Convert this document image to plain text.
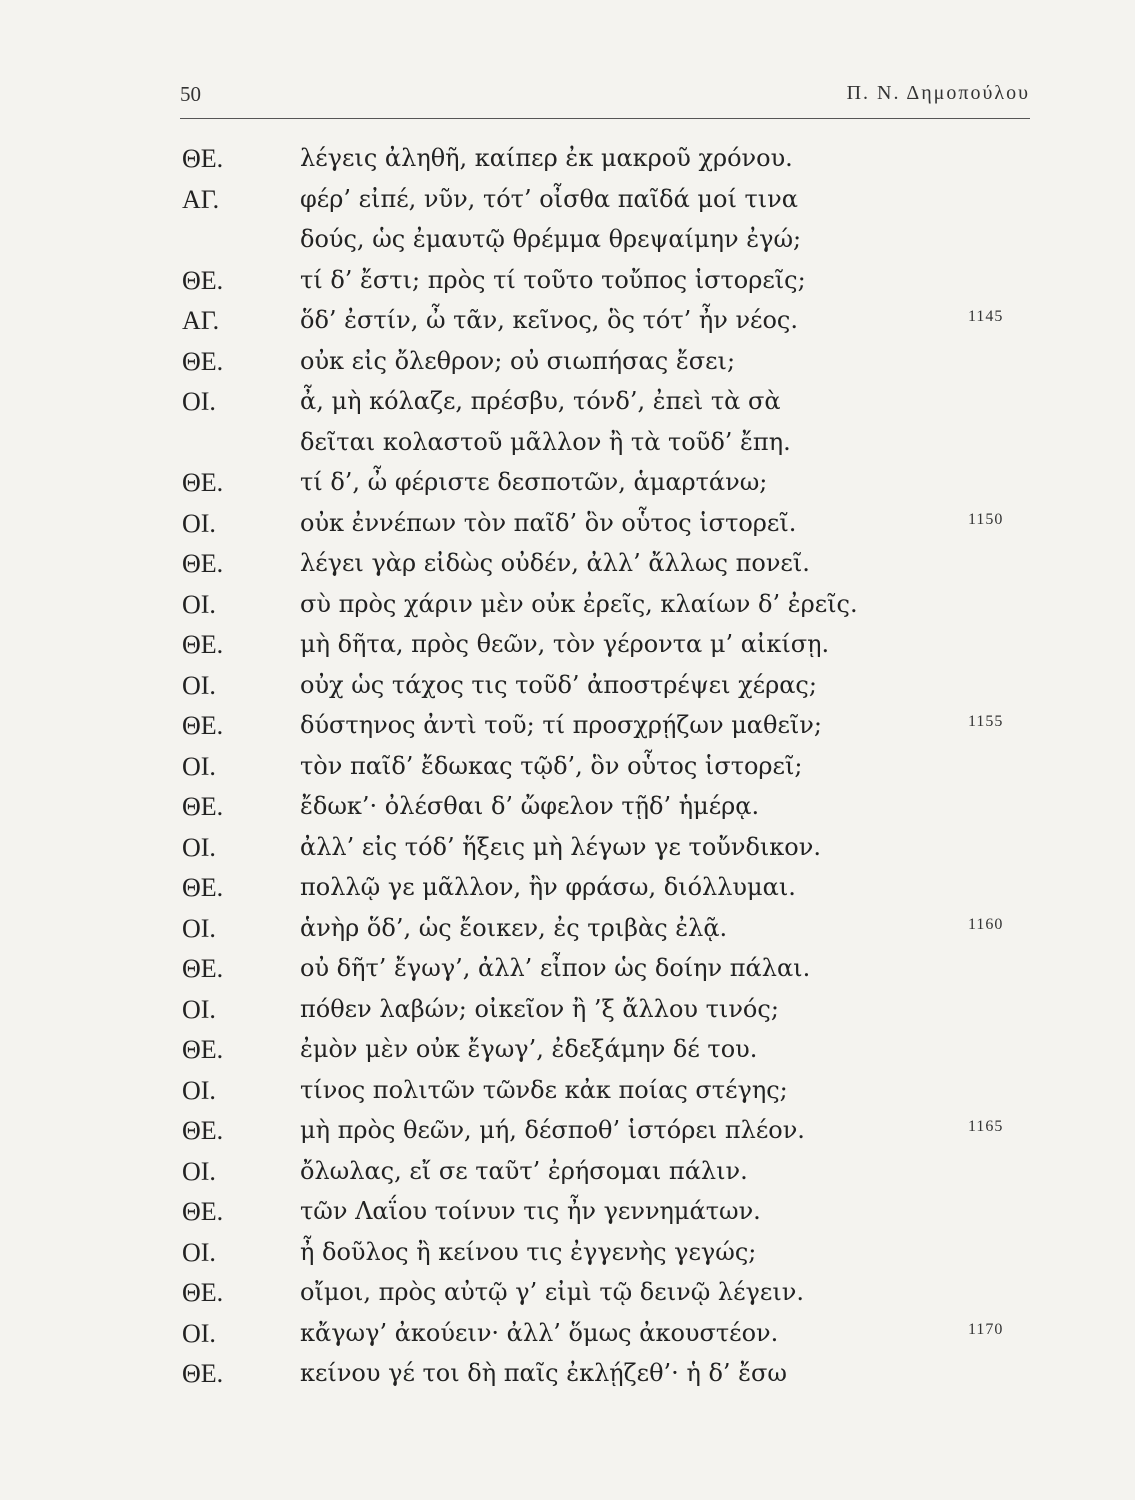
50	Π. Ν. Δημοπούλου
ΘΕ.	λέγεις ἀληθῆ, καίπερ ἐκ μακροῦ χρόνου.
ΑΓ.	φέρ’ εἰπέ, νῦν, τότ’ οἶσθα παῖδά μοί τινα
δούς, ὡς ἐμαυτῷ θρέμμα θρεψαίμην ἐγώ;
ΘΕ.	τί δ’ ἔστι; πρὸς τί τοῦτο τοὔπος ἱστορεῖς;
ΑΓ.	ὅδ’ ἐστίν, ὦ τᾶν, κεῖνος, ὃς τότ’ ἦν νέος.	1145
ΘΕ.	οὐκ εἰς ὄλεθρον; οὐ σιωπήσας ἔσει;
ΟΙ.	ἆ, μὴ κόλαζε, πρέσβυ, τόνδ’, ἐπεὶ τὰ σὰ
δεῖται κολαστοῦ μᾶλλον ἢ τὰ τοῦδ’ ἔπη.
ΘΕ.	τί δ’, ὦ φέριστε δεσποτῶν, ἁμαρτάνω;
ΟΙ.	οὐκ ἐννέπων τὸν παῖδ’ ὃν οὗτος ἱστορεῖ.	1150
ΘΕ.	λέγει γὰρ εἰδὼς οὐδέν, ἀλλ’ ἄλλως πονεῖ.
ΟΙ.	σὺ πρὸς χάριν μὲν οὐκ ἐρεῖς, κλαίων δ’ ἐρεῖς.
ΘΕ.	μὴ δῆτα, πρὸς θεῶν, τὸν γέροντα μ’ αἰκίσῃ.
ΟΙ.	οὐχ ὡς τάχος τις τοῦδ’ ἀποστρέψει χέρας;
ΘΕ.	δύστηνος ἀντὶ τοῦ; τί προσχρῄζων μαθεῖν;	1155
ΟΙ.	τὸν παῖδ’ ἔδωκας τῷδ’, ὃν οὗτος ἱστορεῖ;
ΘΕ.	ἔδωκ’· ὀλέσθαι δ’ ὤφελον τῇδ’ ἡμέρᾳ.
ΟΙ.	ἀλλ’ εἰς τόδ’ ἥξεις μὴ λέγων γε τοὔνδικον.
ΘΕ.	πολλῷ γε μᾶλλον, ἢν φράσω, διόλλυμαι.
ΟΙ.	ἁνὴρ ὅδ’, ὡς ἔοικεν, ἐς τριβὰς ἐλᾷ.	1160
ΘΕ.	οὐ δῆτ’ ἔγωγ’, ἀλλ’ εἶπον ὡς δοίην πάλαι.
ΟΙ.	πόθεν λαβών; οἰκεῖον ἢ ’ξ ἄλλου τινός;
ΘΕ.	ἐμὸν μὲν οὐκ ἔγωγ’, ἐδεξάμην δέ του.
ΟΙ.	τίνος πολιτῶν τῶνδε κἀκ ποίας στέγης;
ΘΕ.	μὴ πρὸς θεῶν, μή, δέσποθ’ ἱστόρει πλέον.	1165
ΟΙ.	ὄλωλας, εἴ σε ταῦτ’ ἐρήσομαι πάλιν.
ΘΕ.	τῶν Λαΐου τοίνυν τις ἦν γεννημάτων.
ΟΙ.	ἦ δοῦλος ἢ κείνου τις ἐγγενὴς γεγώς;
ΘΕ.	οἴμοι, πρὸς αὐτῷ γ’ εἰμὶ τῷ δεινῷ λέγειν.
ΟΙ.	κἄγωγ’ ἀκούειν· ἀλλ’ ὅμως ἀκουστέον.	1170
ΘΕ.	κείνου γέ τοι δὴ παῖς ἐκλῄζεθ’· ἡ δ’ ἔσω
